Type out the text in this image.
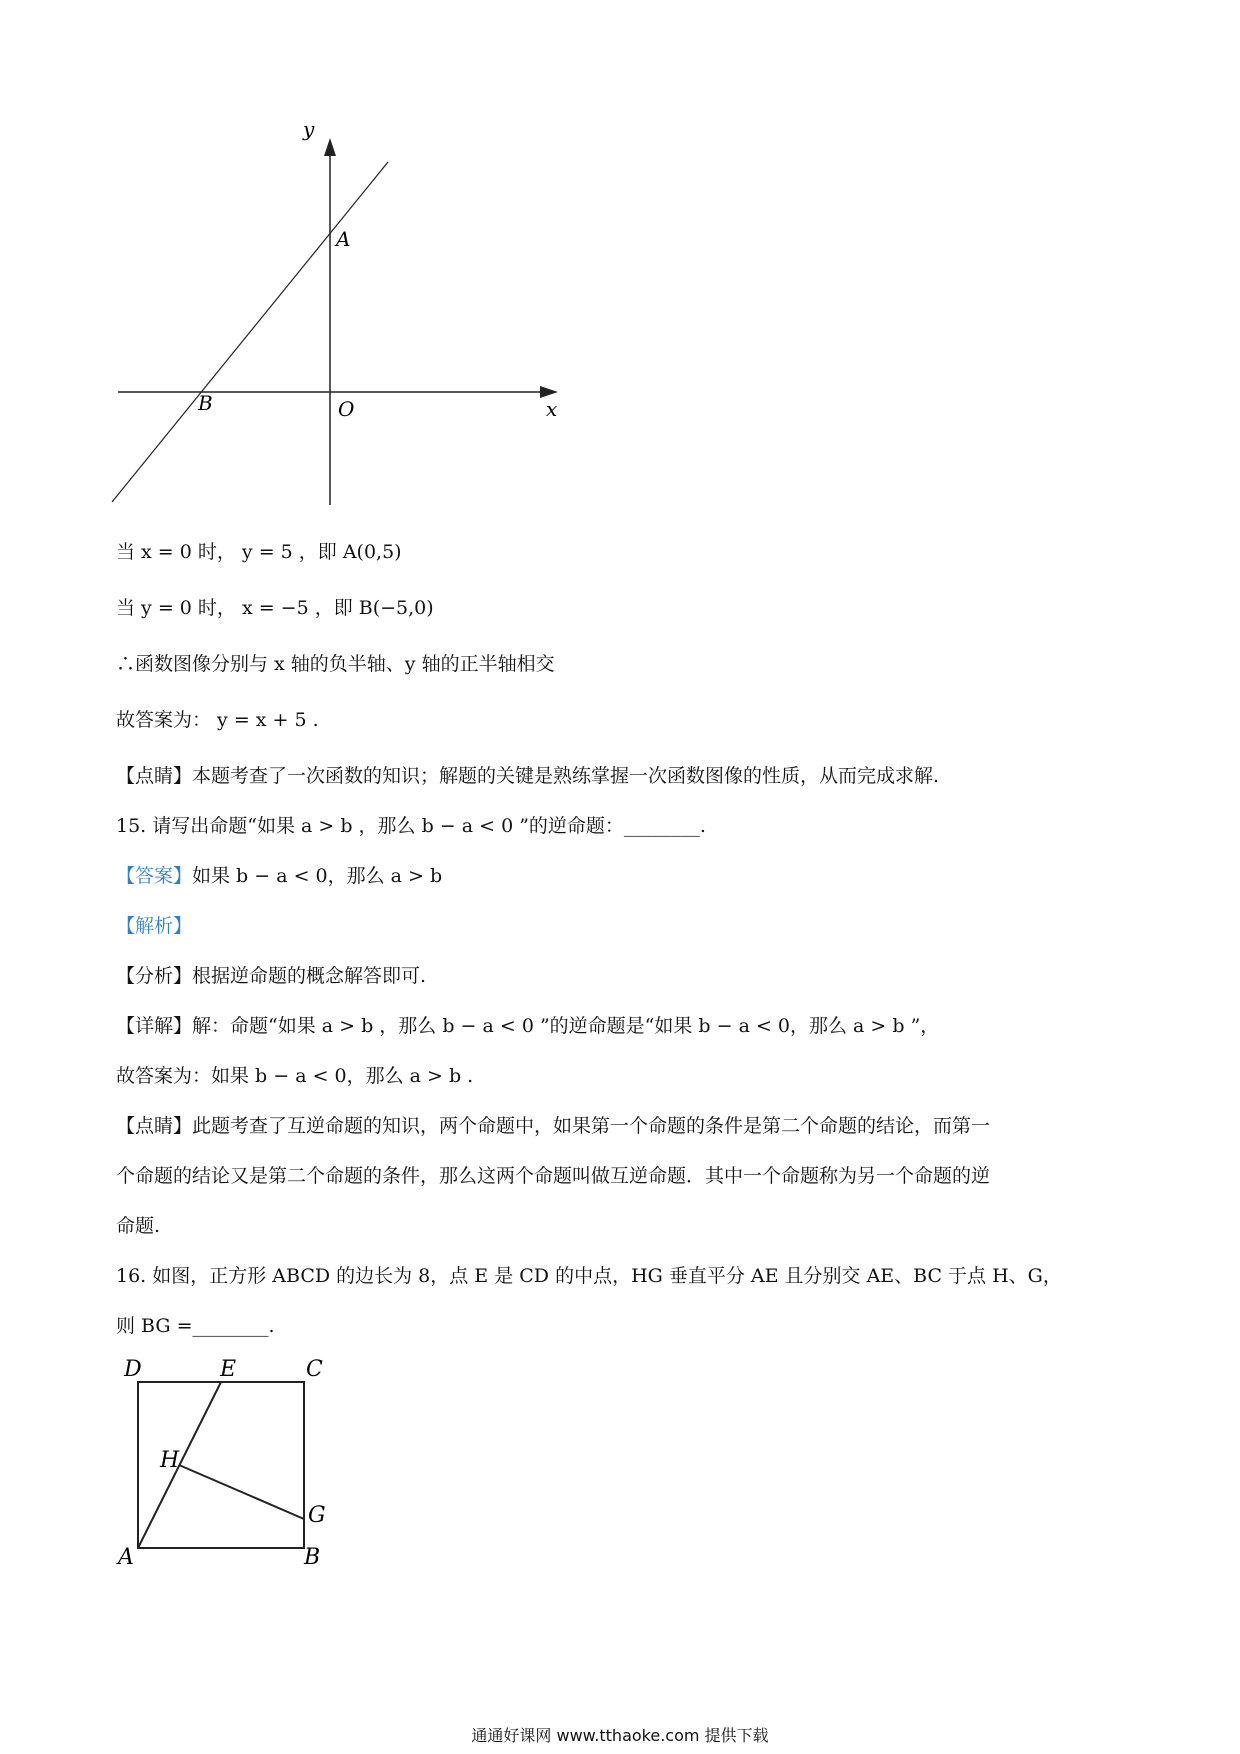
y
x
A
B	O
当 x = 0 时， y = 5 ，即 A(0,5)
当 y = 0 时， x = −5 ，即 B(−5,0)
∴函数图像分别与 x 轴的负半轴、y 轴的正半轴相交
故答案为： y = x + 5 .
【点睛】本题考查了一次函数的知识；解题的关键是熟练掌握一次函数图像的性质，从而完成求解.
15. 请写出命题“如果 a > b ，那么 b − a < 0 ”的逆命题：________.
【答案】如果 b − a < 0，那么 a > b
【解析】
【分析】根据逆命题的概念解答即可.
【详解】解：命题“如果 a > b ，那么 b − a < 0 ”的逆命题是“如果 b − a < 0，那么 a > b ”，
故答案为：如果 b − a < 0，那么 a > b .
【点睛】此题考查了互逆命题的知识，两个命题中，如果第一个命题的条件是第二个命题的结论，而第一
个命题的结论又是第二个命题的条件，那么这两个命题叫做互逆命题．其中一个命题称为另一个命题的逆
命题.
16. 如图，正方形 ABCD 的边长为 8，点 E 是 CD 的中点，HG 垂直平分 AE 且分别交 AE、BC 于点 H、G，
则 BG =________.
D	E	C
H
G
A	B
通通好课网 www.tthaoke.com 提供下载
